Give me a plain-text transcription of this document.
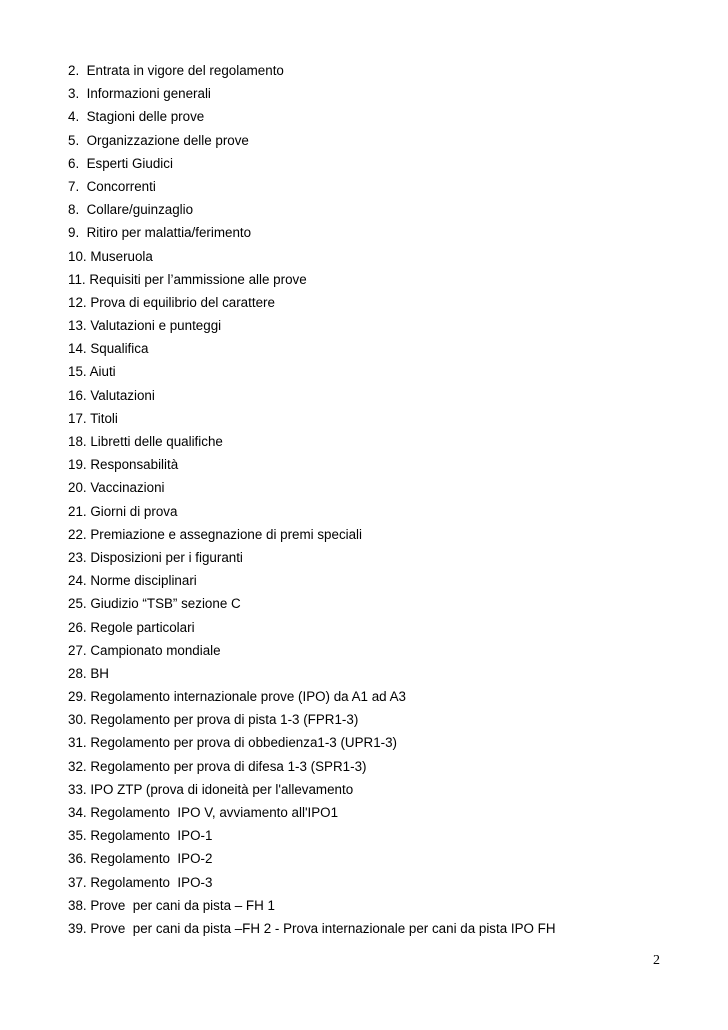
2.  Entrata in vigore del regolamento
3.  Informazioni generali
4.  Stagioni delle prove
5.  Organizzazione delle prove
6.  Esperti Giudici
7.  Concorrenti
8.  Collare/guinzaglio
9.  Ritiro per malattia/ferimento
10. Museruola
11. Requisiti per l’ammissione alle prove
12. Prova di equilibrio del carattere
13. Valutazioni e punteggi
14. Squalifica
15. Aiuti
16. Valutazioni
17. Titoli
18. Libretti delle qualifiche
19. Responsabilità
20. Vaccinazioni
21. Giorni di prova
22. Premiazione e assegnazione di premi speciali
23. Disposizioni per i figuranti
24. Norme disciplinari
25. Giudizio “TSB” sezione C
26. Regole particolari
27. Campionato mondiale
28. BH
29. Regolamento internazionale prove (IPO) da A1 ad A3
30. Regolamento per prova di pista 1-3 (FPR1-3)
31. Regolamento per prova di obbedienza1-3 (UPR1-3)
32. Regolamento per prova di difesa 1-3 (SPR1-3)
33. IPO ZTP (prova di idoneità per l'allevamento
34. Regolamento  IPO V, avviamento all'IPO1
35. Regolamento  IPO-1
36. Regolamento  IPO-2
37. Regolamento  IPO-3
38. Prove  per cani da pista – FH 1
39. Prove  per cani da pista –FH 2 - Prova internazionale per cani da pista IPO FH
2
